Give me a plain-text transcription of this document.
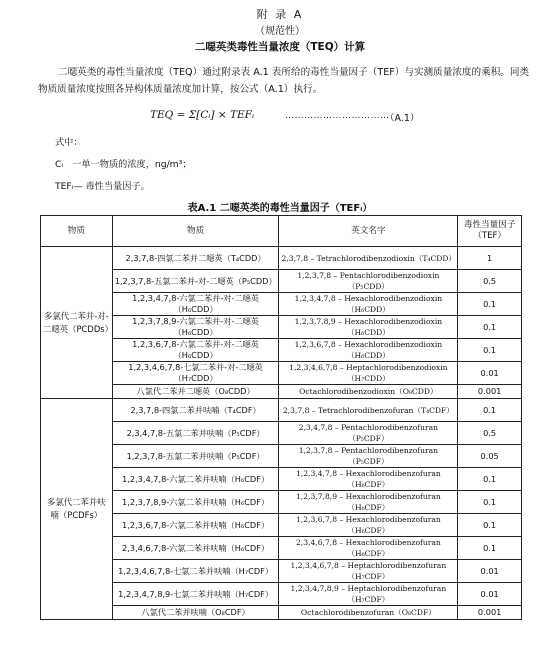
附 录 A
（规范性）
二噁英类毒性当量浓度（TEQ）计算
二噁英类的毒性当量浓度（TEQ）通过附录表 A.1 表所给的毒性当量因子（TEF）与实测质量浓度的乘积。同类物质质量浓度按照各异构体质量浓度加计算，按公式（A.1）执行。
TEQ = Σ[Cᵢ] × TEFᵢ	……………………………
（A.1）
式中：
Cᵢ　一单一物质的浓度，ng/m³；
TEFᵢ— 毒性当量因子。
表A.1 二噁英类的毒性当量因子（TEFᵢ）
物质	物质	英文名字	毒性当量因子（TEF）
多氯代二苯并-对-二噁英（PCDDs）	2,3,7,8-四氯二苯并二噁英（T₄CDD）	2,3,7,8 – Tetrachlorodibenzodioxin（T₄CDD）	1
	1,2,3,7,8-五氯二苯并-对-二噁英（P₅CDD）	1,2,3,7,8 – Pentachlorodibenzodioxin（P₅CDD）	0.5
	1,2,3,4,7,8-六氯二苯并-对-二噁英（H₆CDD）	1,2,3,4,7,8 – Hexachlorodibenzodioxin（H₆CDD）	0.1
	1,2,3,7,8,9-六氯二苯并-对-二噁英（H₆CDD）	1,2,3,7,8,9 – Hexachlorodibenzodioxin（H₆CDD）	0.1
	1,2,3,6,7,8-六氯二苯并-对-二噁英（H₆CDD）	1,2,3,6,7,8 – Hexachlorodibenzodioxin（H₆CDD）	0.1
	1,2,3,4,6,7,8-七氯二苯并-对-二噁英（H₇CDD）	1,2,3,4,6,7,8 – Heptachlorodibenzodioxin（H₇CDD）	0.01
	八氯代二苯并二噁英（O₈CDD）	Octachlorodibenzodioxin（O₈CDD）	0.001
多氯代二苯并呋喃（PCDFs）	2,3,7,8-四氯二苯并呋喃（T₄CDF）	2,3,7,8 – Tetrachlorodibenzofuran（T₄CDF）	0.1
	2,3,4,7,8-五氯二苯并呋喃（P₅CDF）	2,3,4,7,8 – Pentachlorodibenzofuran（P₅CDF）	0.5
	1,2,3,7,8-五氯二苯并呋喃（P₅CDF）	1,2,3,7,8 – Pentachlorodibenzofuran（P₅CDF）	0.05
	1,2,3,4,7,8-六氯二苯并呋喃（H₆CDF）	1,2,3,4,7,8 – Hexachlorodibenzofuran（H₆CDF）	0.1
	1,2,3,7,8,9-六氯二苯并呋喃（H₆CDF）	1,2,3,7,8,9 – Hexachlorodibenzofuran（H₆CDF）	0.1
	1,2,3,6,7,8-六氯二苯并呋喃（H₆CDF）	1,2,3,6,7,8 – Hexachlorodibenzofuran（H₆CDF）	0.1
	2,3,4,6,7,8-六氯二苯并呋喃（H₆CDF）	2,3,4,6,7,8 – Hexachlorodibenzofuran（H₆CDF）	0.1
	1,2,3,4,6,7,8-七氯二苯并呋喃（H₇CDF）	1,2,3,4,6,7,8 – Heptachlorodibenzofuran（H₇CDF）	0.01
	1,2,3,4,7,8,9-七氯二苯并呋喃（H₇CDF）	1,2,3,4,7,8,9 – Heptachlorodibenzofuran（H₇CDF）	0.01
	八氯代二苯并呋喃（O₈CDF）	Octachlorodibenzofuran（O₈CDF）	0.001
